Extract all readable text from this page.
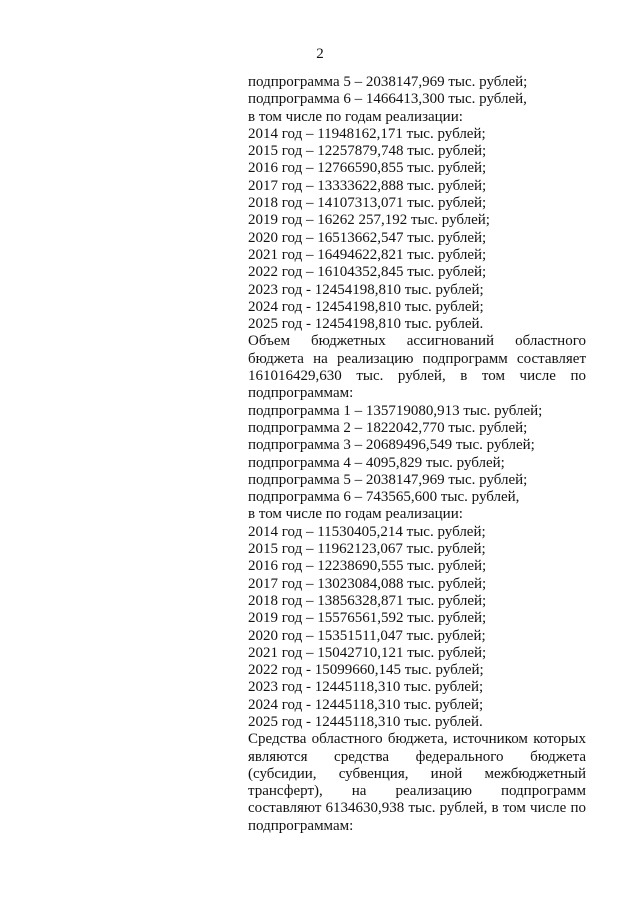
2
подпрограмма 5 – 2038147,969 тыс. рублей;
подпрограмма 6 – 1466413,300 тыс. рублей,
в том числе по годам реализации:
2014 год – 11948162,171 тыс. рублей;
2015 год – 12257879,748 тыс. рублей;
2016 год – 12766590,855 тыс. рублей;
2017 год – 13333622,888 тыс. рублей;
2018 год – 14107313,071 тыс. рублей;
2019 год – 16262 257,192 тыс. рублей;
2020 год – 16513662,547 тыс. рублей;
2021 год – 16494622,821 тыс. рублей;
2022 год – 16104352,845 тыс. рублей;
2023 год - 12454198,810 тыс. рублей;
2024 год - 12454198,810 тыс. рублей;
2025 год - 12454198,810 тыс. рублей.
Объем бюджетных ассигнований областного
бюджета на реализацию подпрограмм составляет
161016429,630 тыс. рублей, в том числе по
подпрограммам:
подпрограмма 1 – 135719080,913 тыс. рублей;
подпрограмма 2 – 1822042,770 тыс. рублей;
подпрограмма 3 – 20689496,549 тыс. рублей;
подпрограмма 4 – 4095,829 тыс. рублей;
подпрограмма 5 – 2038147,969 тыс. рублей;
подпрограмма 6 – 743565,600 тыс. рублей,
в том числе по годам реализации:
2014 год – 11530405,214 тыс. рублей;
2015 год – 11962123,067 тыс. рублей;
2016 год – 12238690,555 тыс. рублей;
2017 год – 13023084,088 тыс. рублей;
2018 год – 13856328,871 тыс. рублей;
2019 год – 15576561,592 тыс. рублей;
2020 год – 15351511,047 тыс. рублей;
2021 год – 15042710,121 тыс. рублей;
2022 год - 15099660,145 тыс. рублей;
2023 год - 12445118,310 тыс. рублей;
2024 год - 12445118,310 тыс. рублей;
2025 год - 12445118,310 тыс. рублей.
Средства областного бюджета, источником которых
являются средства федерального бюджета
(субсидии, субвенция, иной межбюджетный
трансферт), на реализацию подпрограмм
составляют 6134630,938 тыс. рублей, в том числе по
подпрограммам:
